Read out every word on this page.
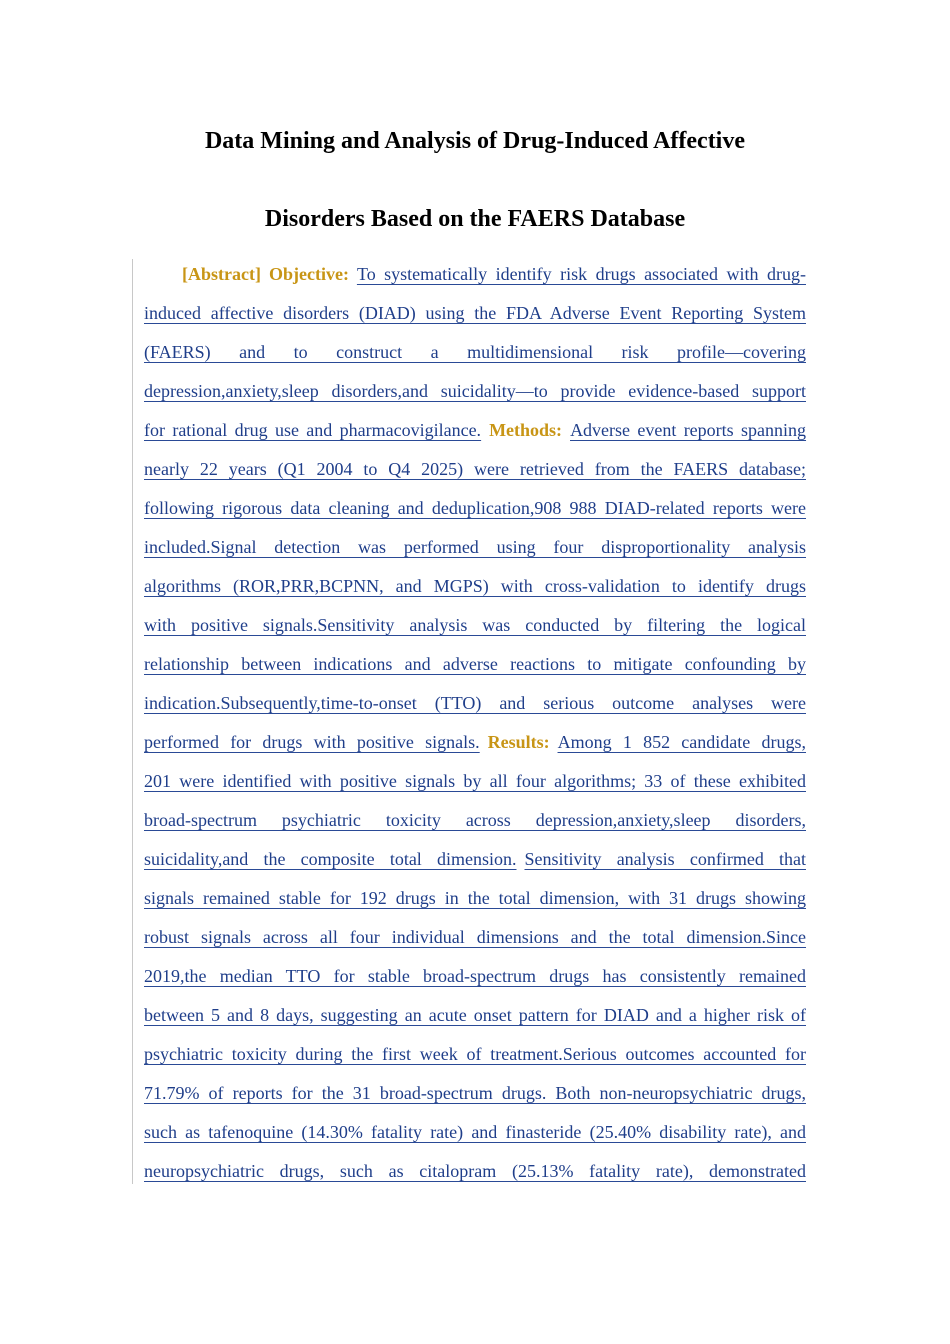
Data Mining and Analysis of Drug-Induced Affective
Disorders Based on the FAERS Database
[Abstract] Objective: To systematically identify risk drugs associated with drug-
induced affective disorders (DIAD) using the FDA Adverse Event Reporting System
(FAERS) and to construct a multidimensional risk profile—covering
depression,anxiety,sleep disorders,and suicidality—to provide evidence-based support
for rational drug use and pharmacovigilance. Methods: Adverse event reports spanning
nearly 22 years (Q1 2004 to Q4 2025) were retrieved from the FAERS database;
following rigorous data cleaning and deduplication,908 988 DIAD-related reports were
included.Signal detection was performed using four disproportionality analysis
algorithms (ROR,PRR,BCPNN, and MGPS) with cross-validation to identify drugs
with positive signals.Sensitivity analysis was conducted by filtering the logical
relationship between indications and adverse reactions to mitigate confounding by
indication.Subsequently,time-to-onset (TTO) and serious outcome analyses were
performed for drugs with positive signals. Results: Among 1 852 candidate drugs,
201 were identified with positive signals by all four algorithms; 33 of these exhibited
broad-spectrum psychiatric toxicity across depression,anxiety,sleep disorders,
suicidality,and the composite total dimension. Sensitivity analysis confirmed that
signals remained stable for 192 drugs in the total dimension, with 31 drugs showing
robust signals across all four individual dimensions and the total dimension.Since
2019,the median TTO for stable broad-spectrum drugs has consistently remained
between 5 and 8 days, suggesting an acute onset pattern for DIAD and a higher risk of
psychiatric toxicity during the first week of treatment.Serious outcomes accounted for
71.79% of reports for the 31 broad-spectrum drugs. Both non-neuropsychiatric drugs,
such as tafenoquine (14.30% fatality rate) and finasteride (25.40% disability rate), and
neuropsychiatric drugs, such as citalopram (25.13% fatality rate), demonstrated
